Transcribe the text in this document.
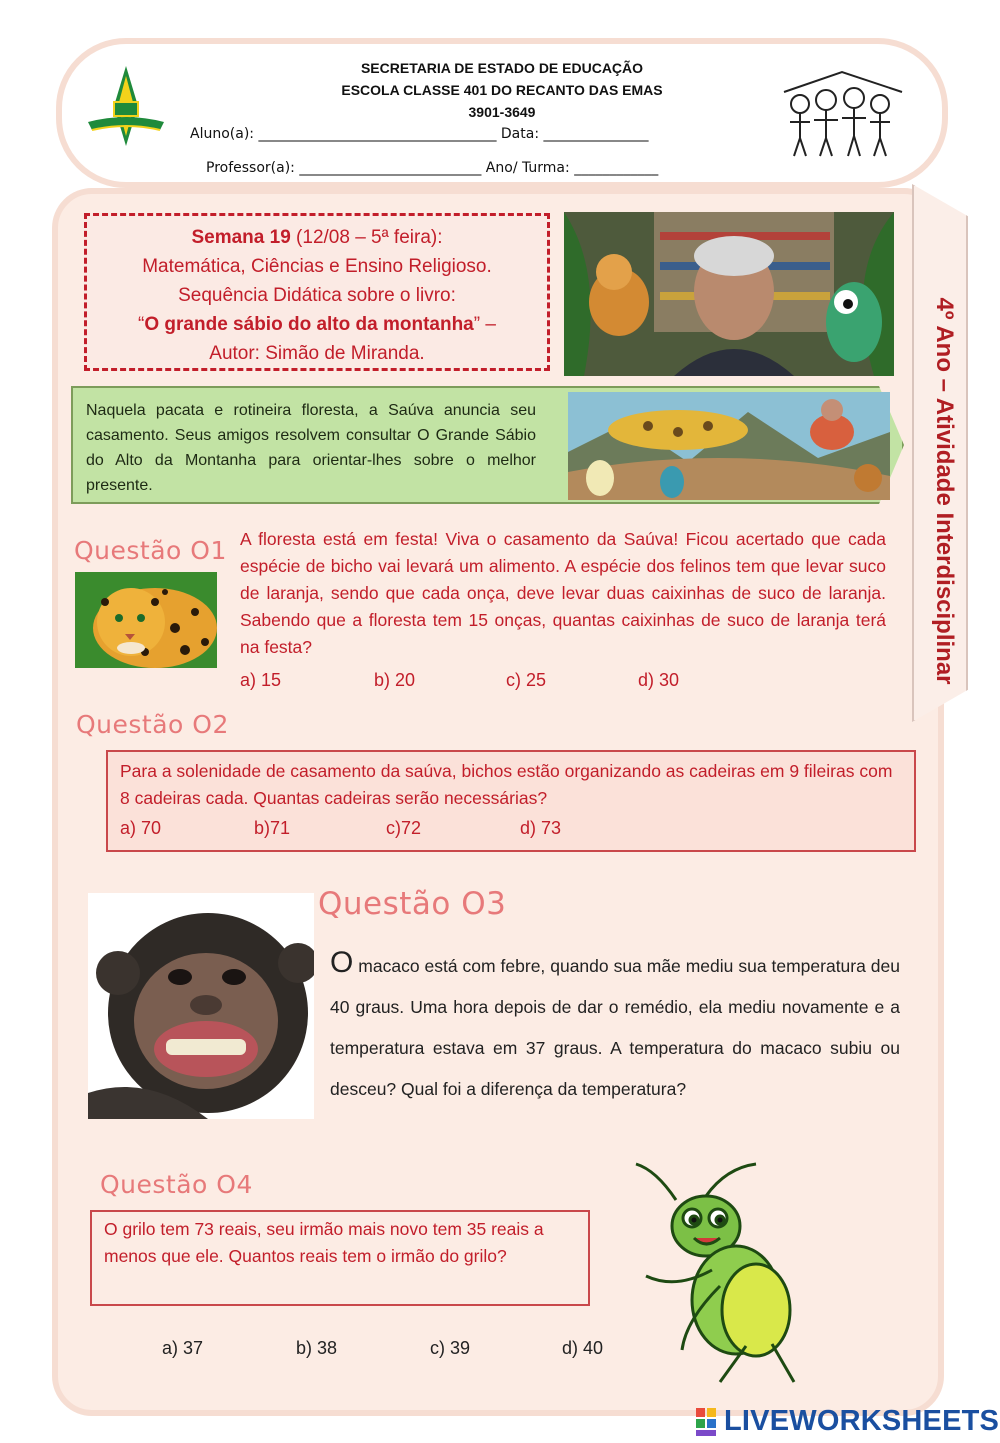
SECRETARIA DE ESTADO DE EDUCAÇÃO
ESCOLA CLASSE 401 DO RECANTO DAS EMAS
3901-3649
Aluno(a): __________________________________ Data: _______________
Professor(a): __________________________ Ano/ Turma: ____________
4º Ano – Atividade Interdisciplinar
Semana 19 (12/08 – 5ª feira):
Matemática, Ciências e Ensino Religioso.
Sequência Didática sobre o livro:
“O grande sábio do alto da montanha” –
Autor: Simão de Miranda.
Naquela pacata e rotineira floresta, a Saúva anuncia seu casamento. Seus amigos resolvem consultar O Grande Sábio do Alto da Montanha para orientar-lhes sobre o melhor presente.
Questão O1 A floresta está em festa! Viva o casamento da Saúva! Ficou acertado que cada espécie de bicho vai levará um alimento. A espécie dos felinos tem que levar suco de laranja, sendo que cada onça, deve levar duas caixinhas de suco de laranja. Sabendo que a floresta tem 15 onças, quantas caixinhas de suco de laranja terá na festa?
a) 15	b) 20	c) 25	d) 30
Questão O2
Para a solenidade de casamento da saúva, bichos estão organizando as cadeiras em 9 fileiras com 8 cadeiras cada. Quantas cadeiras serão necessárias?
a) 70	b)71	c)72	d) 73
Questão O3
O macaco está com febre, quando sua mãe mediu sua temperatura deu 40 graus. Uma hora depois de dar o remédio, ela mediu novamente e a temperatura estava em 37 graus. A temperatura do macaco subiu ou desceu? Qual foi a diferença da temperatura?
Questão O4
O grilo tem 73 reais, seu irmão mais novo tem 35 reais a menos que ele. Quantos reais tem o irmão do grilo?
a) 37	b) 38	c) 39	d) 40
LIVEWORKSHEETS
